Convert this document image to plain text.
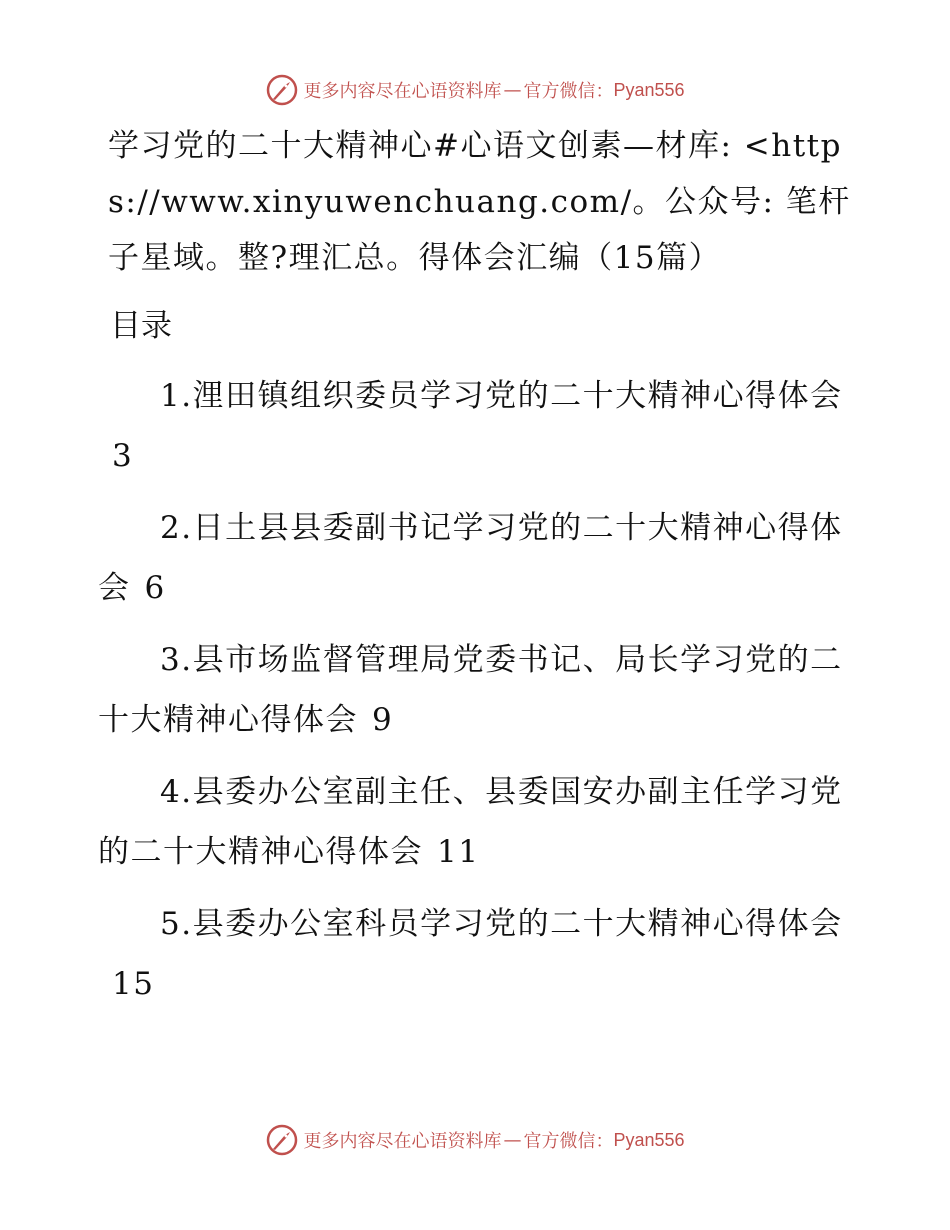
更多内容尽在心语资料库 — 官方微信： Pyan556
学习党的二十大精神心#心语文创素—材库: <https://www.xinyuwenchuang.com/。公众号: 笔杆子星域。整?理汇总。得体会汇编（15篇）
目录
1.浬田镇组织委员学习党的二十大精神心得体会3
2.日土县县委副书记学习党的二十大精神心得体会 6
3.县市场监督管理局党委书记、局长学习党的二十大精神心得体会 9
4.县委办公室副主任、县委国安办副主任学习党的二十大精神心得体会 11
5.县委办公室科员学习党的二十大精神心得体会15
更多内容尽在心语资料库 — 官方微信： Pyan556
